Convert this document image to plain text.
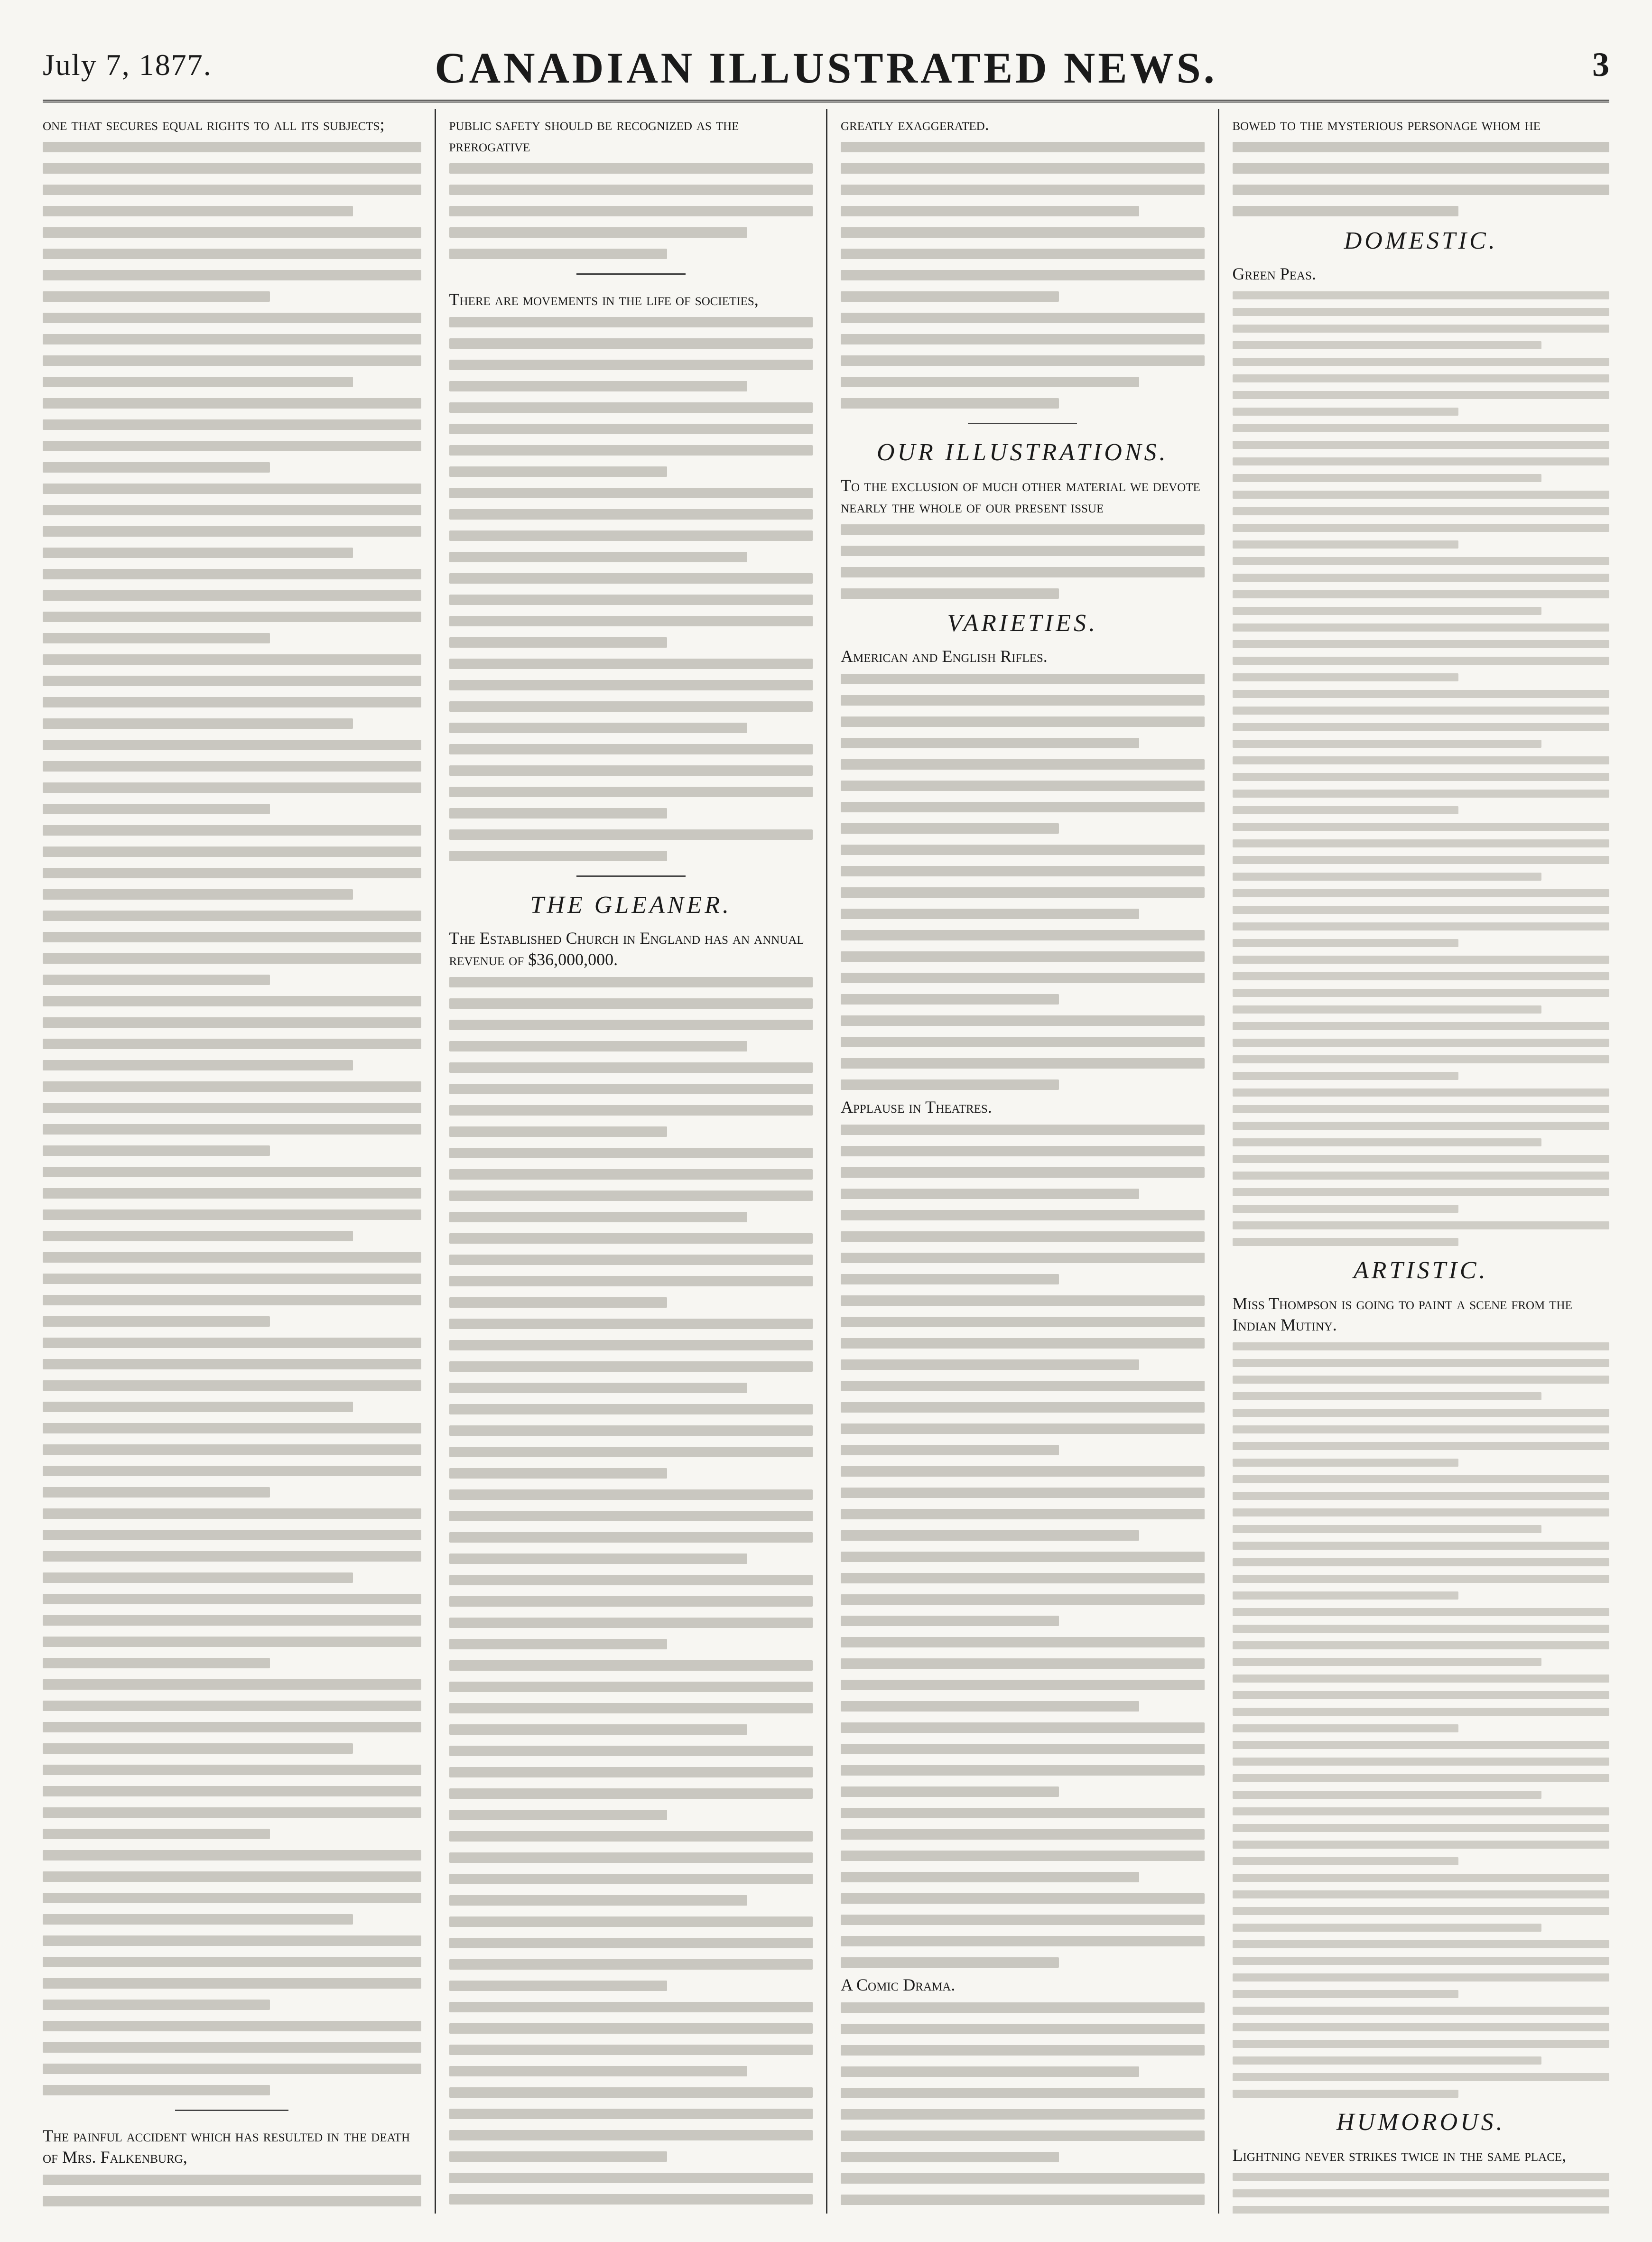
July 7, 1877.	CANADIAN ILLUSTRATED NEWS.	3
one that secures equal rights to all its subjects;
The painful accident which has resulted in the death of Mrs. Falkenburg,
public safety should be recognized as the prerogative
There are movements in the life of societies,
THE GLEANER.
The Established Church in England has an annual revenue of $36,000,000.
greatly exaggerated.
OUR ILLUSTRATIONS.
To the exclusion of much other material we devote nearly the whole of our present issue
VARIETIES.
American and English Rifles.
Applause in Theatres.
A Comic Drama.
bowed to the mysterious personage whom he
DOMESTIC.
Green Peas.
ARTISTIC.
Miss Thompson is going to paint a scene from the Indian Mutiny.
HUMOROUS.
Lightning never strikes twice in the same place,
